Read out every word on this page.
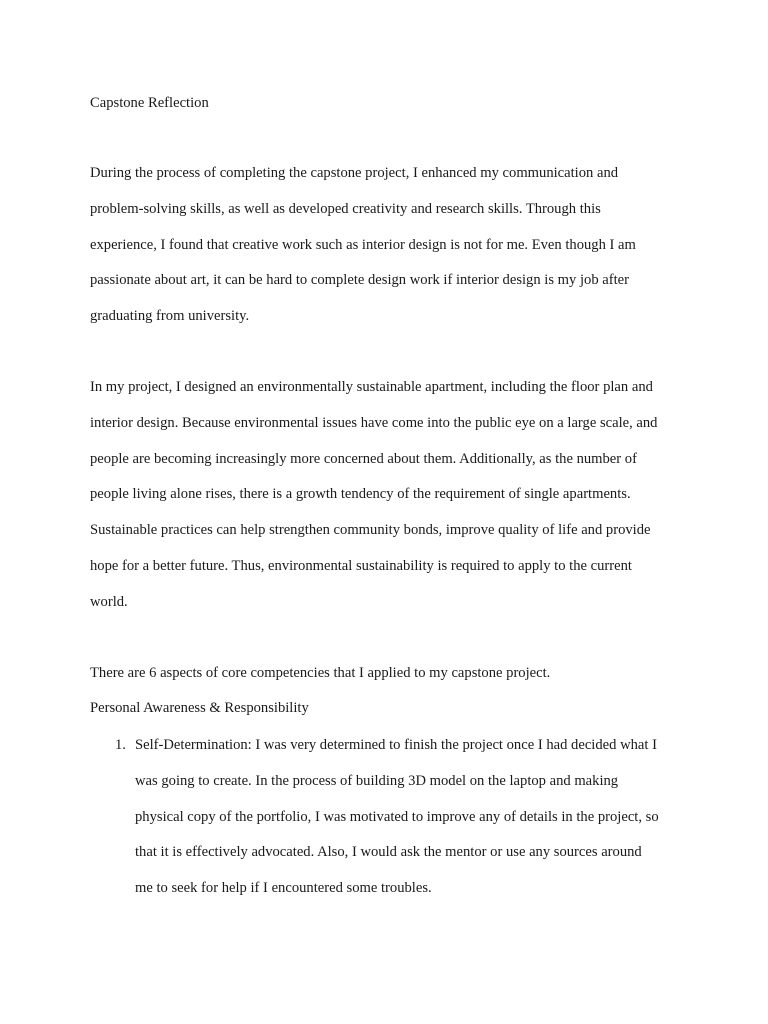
Capstone Reflection

During the process of completing the capstone project, I enhanced my communication and
problem-solving skills, as well as developed creativity and research skills. Through this
experience, I found that creative work such as interior design is not for me. Even though I am
passionate about art, it can be hard to complete design work if interior design is my job after
graduating from university.

In my project, I designed an environmentally sustainable apartment, including the floor plan and
interior design. Because environmental issues have come into the public eye on a large scale, and
people are becoming increasingly more concerned about them. Additionally, as the number of
people living alone rises, there is a growth tendency of the requirement of single apartments.
Sustainable practices can help strengthen community bonds, improve quality of life and provide
hope for a better future. Thus, environmental sustainability is required to apply to the current
world.

There are 6 aspects of core competencies that I applied to my capstone project.

Personal Awareness & Responsibility
1. Self-Determination: I was very determined to finish the project once I had decided what I
was going to create. In the process of building 3D model on the laptop and making
physical copy of the portfolio, I was motivated to improve any of details in the project, so
that it is effectively advocated. Also, I would ask the mentor or use any sources around
me to seek for help if I encountered some troubles.
